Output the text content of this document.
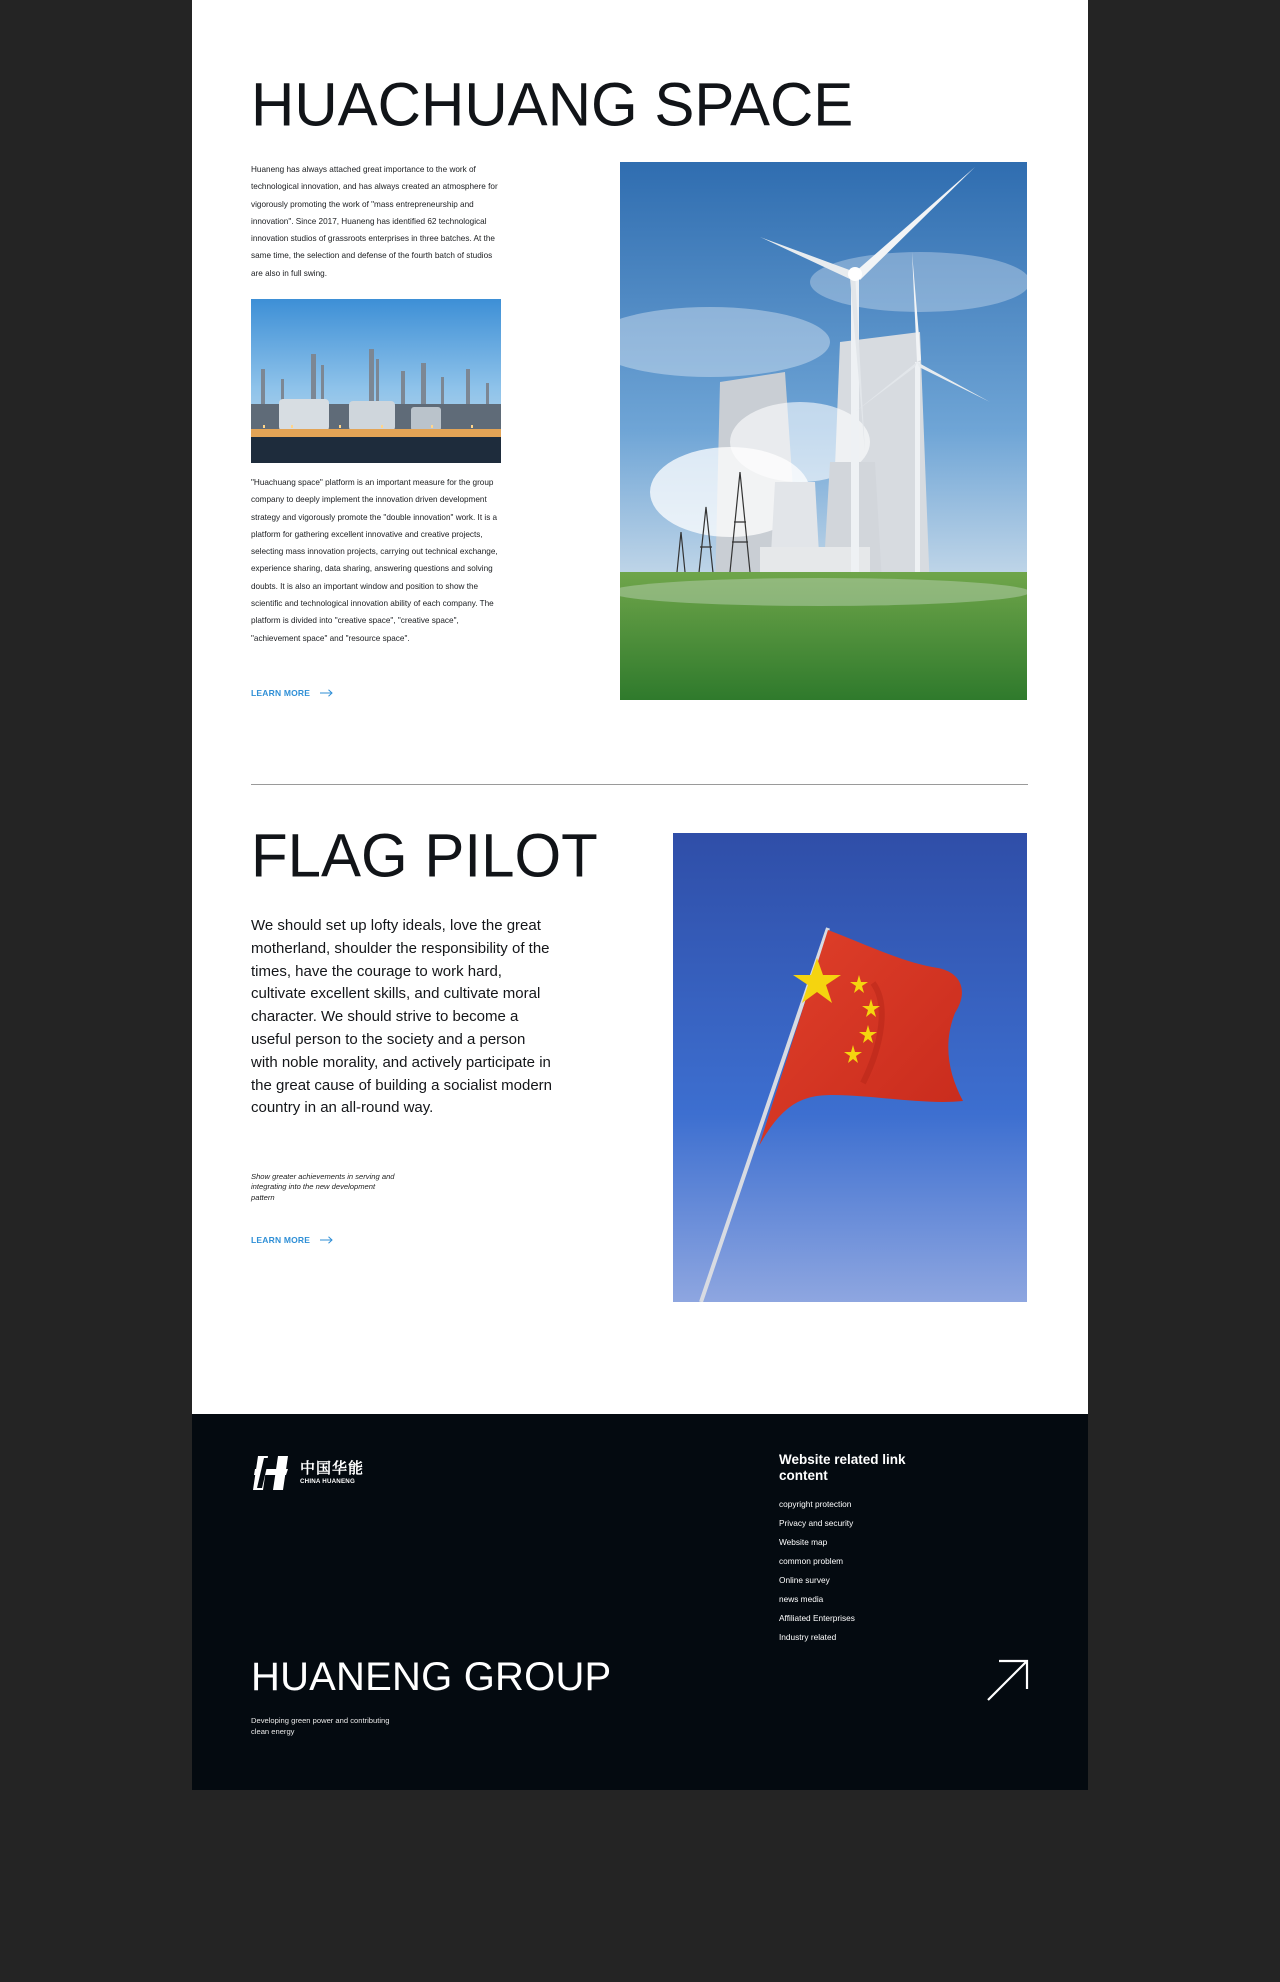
HUACHUANG SPACE

Huaneng has always attached great importance to the work of technological innovation, and has always created an atmosphere for vigorously promoting the work of "mass entrepreneurship and innovation". Since 2017, Huaneng has identified 62 technological innovation studios of grassroots enterprises in three batches. At the same time, the selection and defense of the fourth batch of studios are also in full swing.

"Huachuang space" platform is an important measure for the group company to deeply implement the innovation driven development strategy and vigorously promote the "double innovation" work. It is a platform for gathering excellent innovative and creative projects, selecting mass innovation projects, carrying out technical exchange, experience sharing, data sharing, answering questions and solving doubts. It is also an important window and position to show the scientific and technological innovation ability of each company. The platform is divided into "creative space", "creative space", "achievement space" and "resource space".

LEARN MORE
FLAG PILOT

We should set up lofty ideals, love the great motherland, shoulder the responsibility of the times, have the courage to work hard, cultivate excellent skills, and cultivate moral character. We should strive to become a useful person to the society and a person with noble morality, and actively participate in the great cause of building a socialist modern country in an all-round way.

Show greater achievements in serving and integrating into the new development pattern

LEARN MORE
中国华能
CHINA HUANENG

Website related link content

copyright protection
Privacy and security
Website map
common problem
Online survey
news media
Affiliated Enterprises
Industry related

HUANENG GROUP

Developing green power and contributing clean energy
